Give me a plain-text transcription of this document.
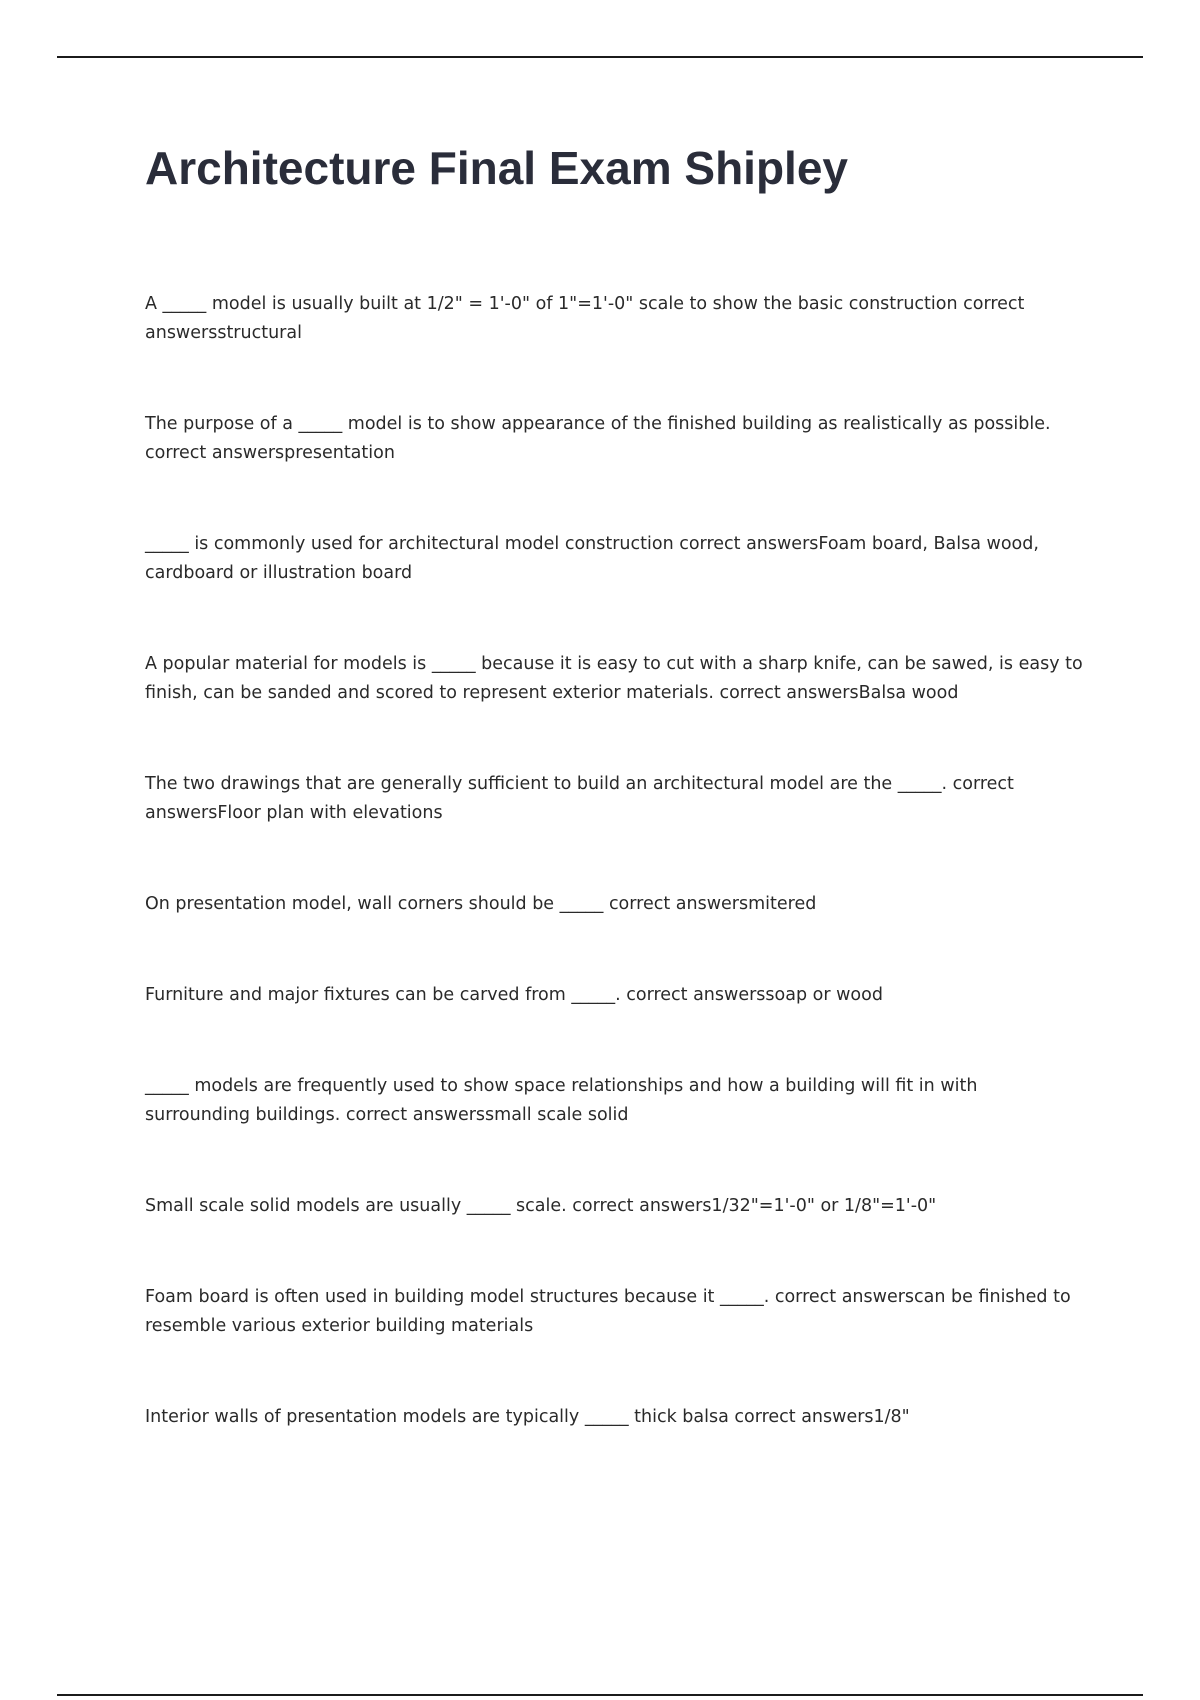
Architecture Final Exam Shipley

A _____ model is usually built at 1/2" = 1'-0" of 1"=1'-0" scale to show the basic construction correct answersstructural

The purpose of a _____ model is to show appearance of the finished building as realistically as possible. correct answerspresentation

_____ is commonly used for architectural model construction correct answersFoam board, Balsa wood, cardboard or illustration board

A popular material for models is _____ because it is easy to cut with a sharp knife, can be sawed, is easy to finish, can be sanded and scored to represent exterior materials. correct answersBalsa wood

The two drawings that are generally sufficient to build an architectural model are the _____. correct answersFloor plan with elevations

On presentation model, wall corners should be _____ correct answersmitered

Furniture and major fixtures can be carved from _____. correct answerssoap or wood

_____ models are frequently used to show space relationships and how a building will fit in with surrounding buildings. correct answerssmall scale solid

Small scale solid models are usually _____ scale. correct answers1/32"=1'-0" or 1/8"=1'-0"

Foam board is often used in building model structures because it _____. correct answerscan be finished to resemble various exterior building materials

Interior walls of presentation models are typically _____ thick balsa correct answers1/8"
